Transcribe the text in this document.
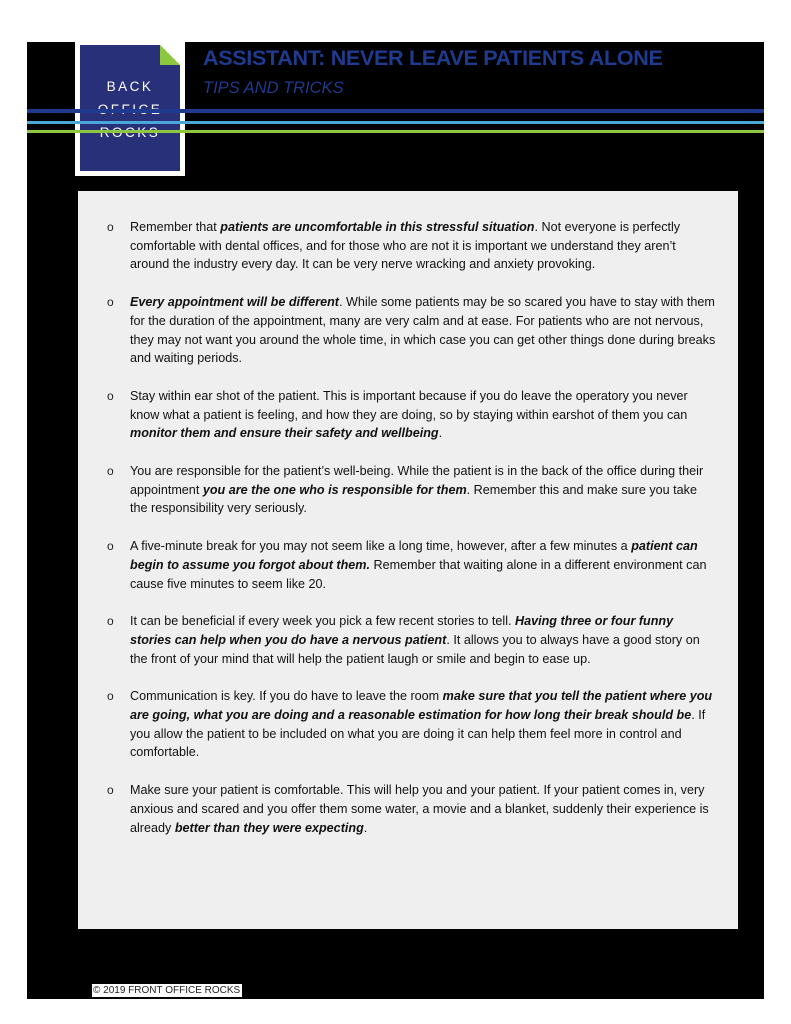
BACK
ASSISTANT: NEVER LEAVE PATIENTS ALONE
TIPS AND TRICKS
o Remember that patients are uncomfortable in this stressful situation. Not everyone is perfectly comfortable with dental offices, and for those who are not it is important we understand they aren’t around the industry every day. It can be very nerve wracking and anxiety provoking.
o Every appointment will be different. While some patients may be so scared you have to stay with them for the duration of the appointment, many are very calm and at ease. For patients who are not nervous, they may not want you around the whole time, in which case you can get other things done during breaks and waiting periods.
o Stay within ear shot of the patient. This is important because if you do leave the operatory you never know what a patient is feeling, and how they are doing, so by staying within earshot of them you can monitor them and ensure their safety and wellbeing.
o You are responsible for the patient’s well-being. While the patient is in the back of the office during their appointment you are the one who is responsible for them. Remember this and make sure you take the responsibility very seriously.
o A five-minute break for you may not seem like a long time, however, after a few minutes a patient can begin to assume you forgot about them. Remember that waiting alone in a different environment can cause five minutes to seem like 20.
o It can be beneficial if every week you pick a few recent stories to tell. Having three or four funny stories can help when you do have a nervous patient. It allows you to always have a good story on the front of your mind that will help the patient laugh or smile and begin to ease up.
o Communication is key. If you do have to leave the room make sure that you tell the patient where you are going, what you are doing and a reasonable estimation for how long their break should be. If you allow the patient to be included on what you are doing it can help them feel more in control and comfortable.
o Make sure your patient is comfortable. This will help you and your patient. If your patient comes in, very anxious and scared and you offer them some water, a movie and a blanket, suddenly their experience is already better than they were expecting.
© 2019 FRONT OFFICE ROCKS
